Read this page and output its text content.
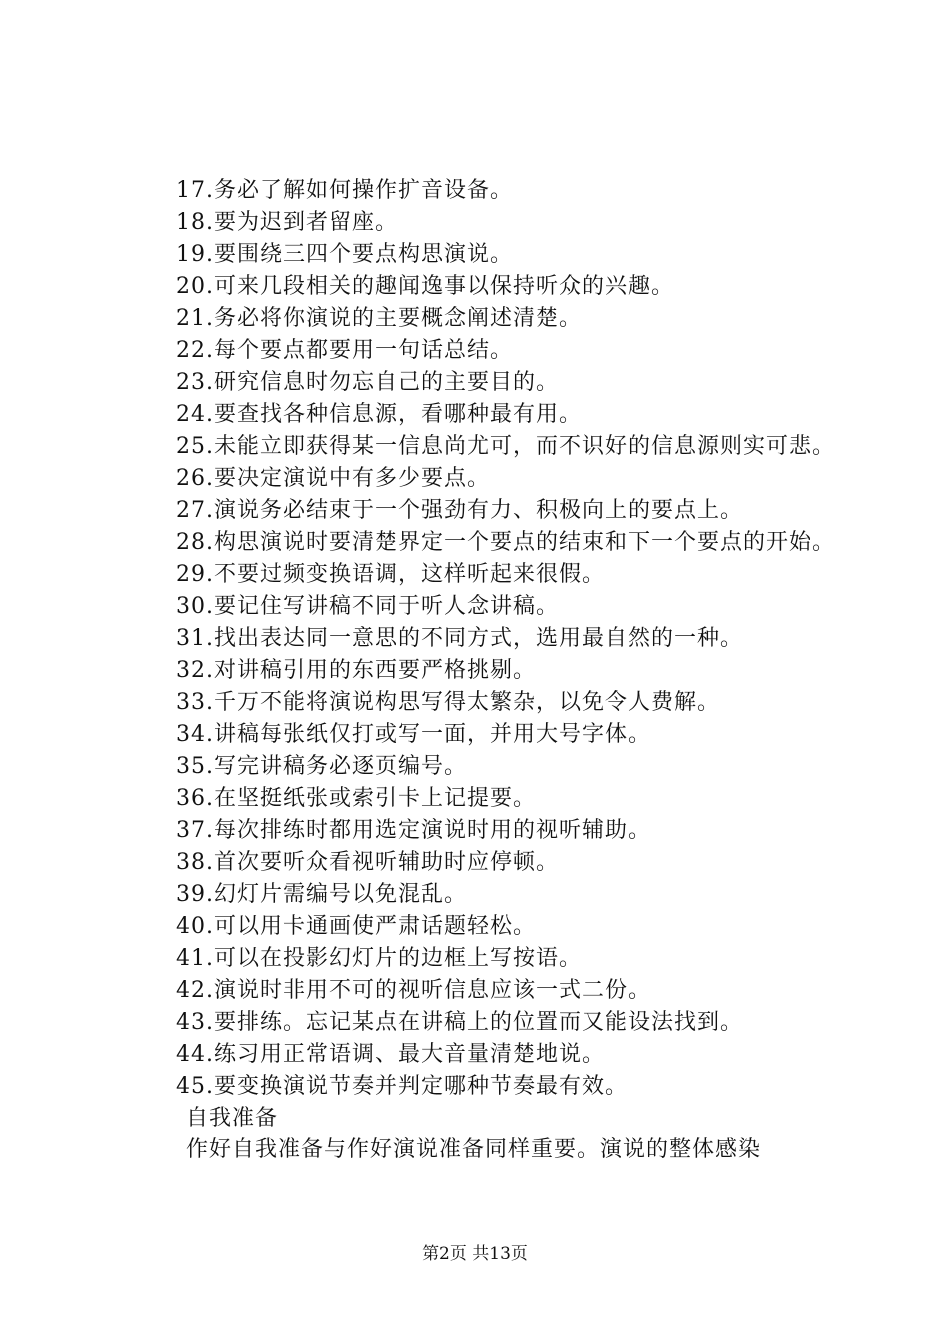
17.务必了解如何操作扩音设备。

18.要为迟到者留座。

19.要围绕三四个要点构思演说。

20.可来几段相关的趣闻逸事以保持听众的兴趣。

21.务必将你演说的主要概念阐述清楚。

22.每个要点都要用一句话总结。

23.研究信息时勿忘自己的主要目的。

24.要查找各种信息源，看哪种最有用。

25.未能立即获得某一信息尚尤可，而不识好的信息源则实可悲。

26.要决定演说中有多少要点。

27.演说务必结束于一个强劲有力、积极向上的要点上。

28.构思演说时要清楚界定一个要点的结束和下一个要点的开始。

29.不要过频变换语调，这样听起来很假。

30.要记住写讲稿不同于听人念讲稿。

31.找出表达同一意思的不同方式，选用最自然的一种。

32.对讲稿引用的东西要严格挑剔。

33.千万不能将演说构思写得太繁杂，以免令人费解。

34.讲稿每张纸仅打或写一面，并用大号字体。

35.写完讲稿务必逐页编号。

36.在坚挺纸张或索引卡上记提要。

37.每次排练时都用选定演说时用的视听辅助。

38.首次要听众看视听辅助时应停顿。

39.幻灯片需编号以免混乱。

40.可以用卡通画使严肃话题轻松。

41.可以在投影幻灯片的边框上写按语。

42.演说时非用不可的视听信息应该一式二份。

43.要排练。忘记某点在讲稿上的位置而又能设法找到。

44.练习用正常语调、最大音量清楚地说。

45.要变换演说节奏并判定哪种节奏最有效。

自我准备

作好自我准备与作好演说准备同样重要。演说的整体感染

第2页 共13页
